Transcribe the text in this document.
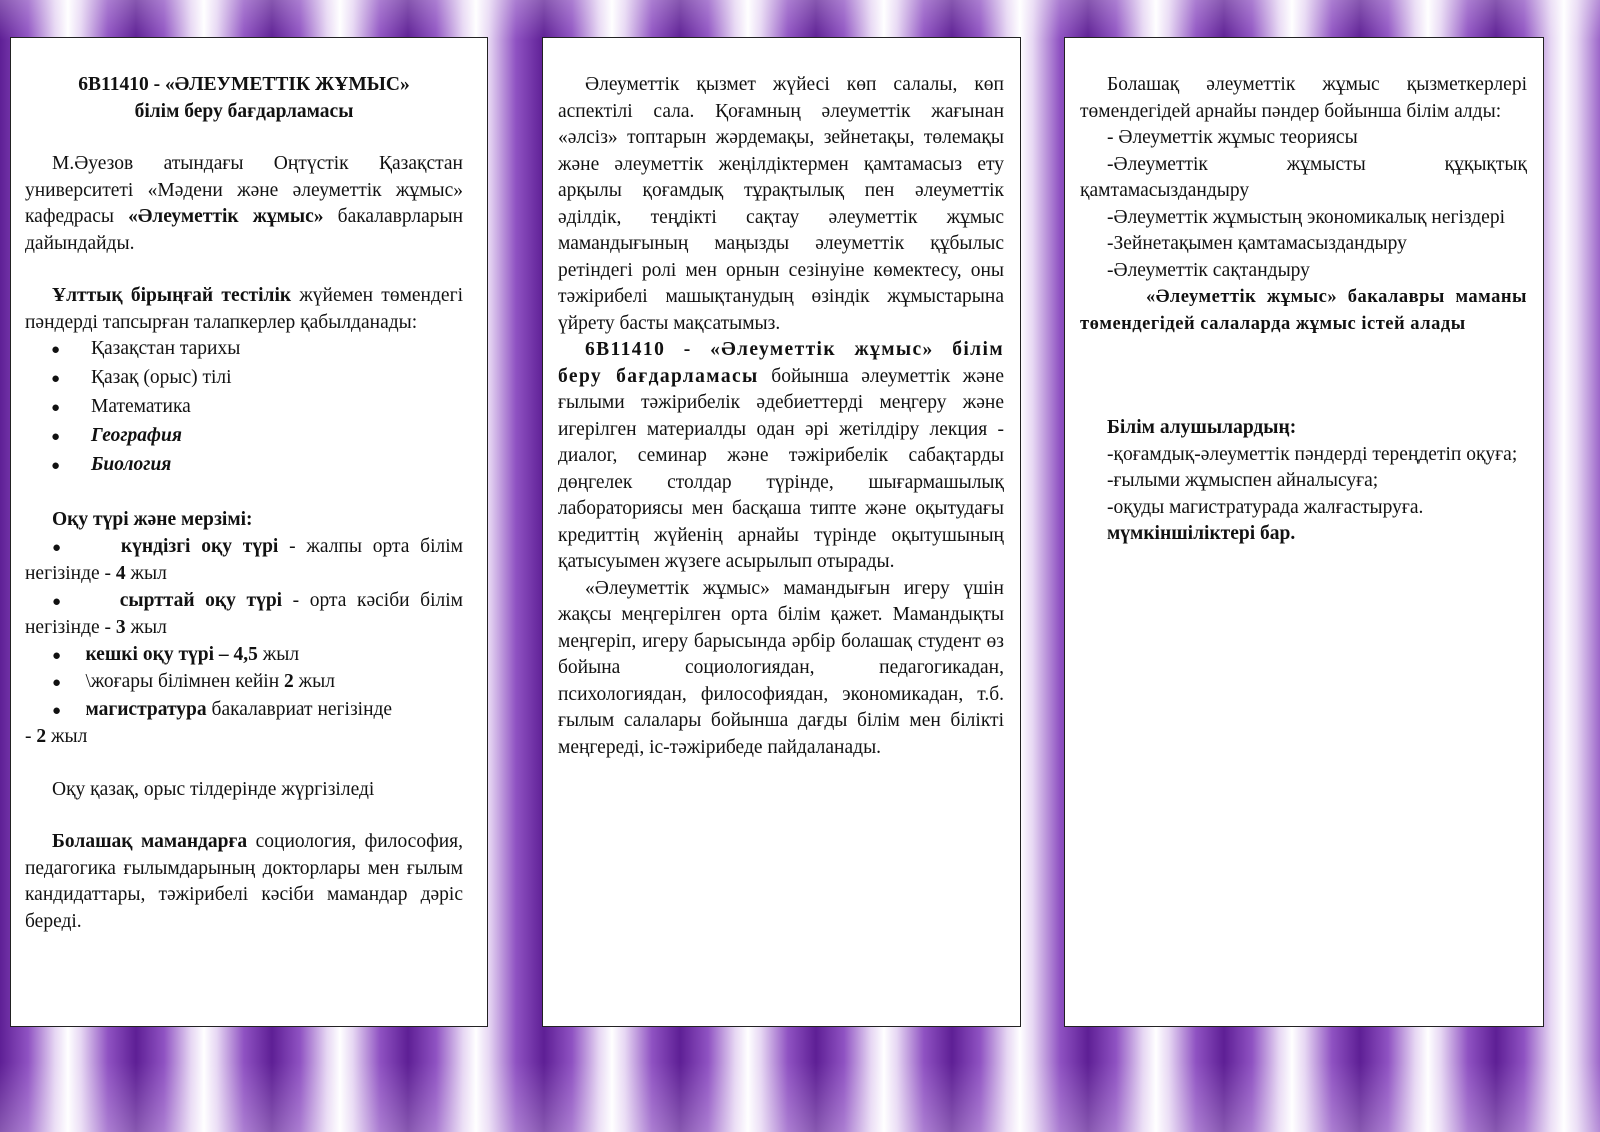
6В11410 - «ӘЛЕУМЕТТІК ЖҰМЫС»

білім беру бағдарламасы

М.Әуезов атындағы Оңтүстік Қазақстан университеті «Мәдени және әлеуметтік жұмыс» кафедрасы «Әлеуметтік жұмыс» бакалаврларын дайындайды.

Ұлттық бірыңғай тестілік жүйемен төмендегі пәндерді тапсырған талапкерлер қабылданады:

●	Қазақстан тарихы
●	Қазақ (орыс) тілі
●	Математика
●	География
●	Биология

Оқу түрі және мерзімі:

●	күндізгі оқу түрі - жалпы орта білім негізінде - 4 жыл

●	сырттай оқу түрі - орта кәсіби білім негізінде - 3 жыл

● кешкі оқу түрі – 4,5 жыл

● \жоғары білімнен кейін 2 жыл

● магистратура бакалавриат негізінде

- 2 жыл

Оқу қазақ, орыс тілдерінде жүргізіледі

Болашақ мамандарға социология, философия, педагогика ғылымдарының докторлары мен ғылым кандидаттары, тәжірибелі кәсіби мамандар дәріс береді.

Әлеуметтік қызмет жүйесі көп салалы, көп аспектілі сала. Қоғамның әлеуметтік жағынан «әлсіз» топтарын жәрдемақы, зейнетақы, төлемақы және әлеуметтік жеңілдіктермен қамтамасыз ету арқылы қоғамдық тұрақтылық пен әлеуметтік әділдік, теңдікті сақтау әлеуметтік жұмыс мамандығының маңызды әлеуметтік құбылыс ретіндегі ролі мен орнын сезінуіне көмектесу, оны тәжірибелі машықтанудың өзіндік жұмыстарына үйрету басты мақсатымыз.

6В11410 - «Әлеуметтік жұмыс» білім беру бағдарламасы бойынша әлеуметтік және ғылыми тәжірибелік әдебиеттерді меңгеру және игерілген материалды одан әрі жетілдіру лекция - диалог, семинар және тәжірибелік сабақтарды дөңгелек столдар түрінде, шығармашылық лабораториясы мен басқаша типте және оқытудағы кредиттің жүйенің арнайы түрінде оқытушының қатысуымен жүзеге асырылып отырады.

«Әлеуметтік жұмыс» мамандығын игеру үшін жақсы меңгерілген орта білім қажет. Мамандықты меңгеріп, игеру барысында әрбір болашақ студент өз бойына социологиядан, педагогикадан, психологиядан, философиядан, экономикадан, т.б. ғылым салалары бойынша дағды білім мен білікті меңгереді, іс-тәжірибеде пайдаланады.

Болашақ әлеуметтік жұмыс қызметкерлері төмендегідей арнайы пәндер бойынша білім алды:

- Әлеуметтік жұмыс теориясы

-Әлеуметтік жұмысты құқықтық қамтамасыздандыру

-Әлеуметтік жұмыстың экономикалық негіздері

-Зейнетақымен қамтамасыздандыру

-Әлеуметтік сақтандыру

«Әлеуметтік жұмыс» бакалавры маманы төмендегідей салаларда жұмыс істей алады

Білім алушылардың:

-қоғамдық-әлеуметтік пәндерді тереңдетіп оқуға;

-ғылыми жұмыспен айналысуға;

-оқуды магистратурада жалғастыруға.

мүмкіншіліктері бар.
